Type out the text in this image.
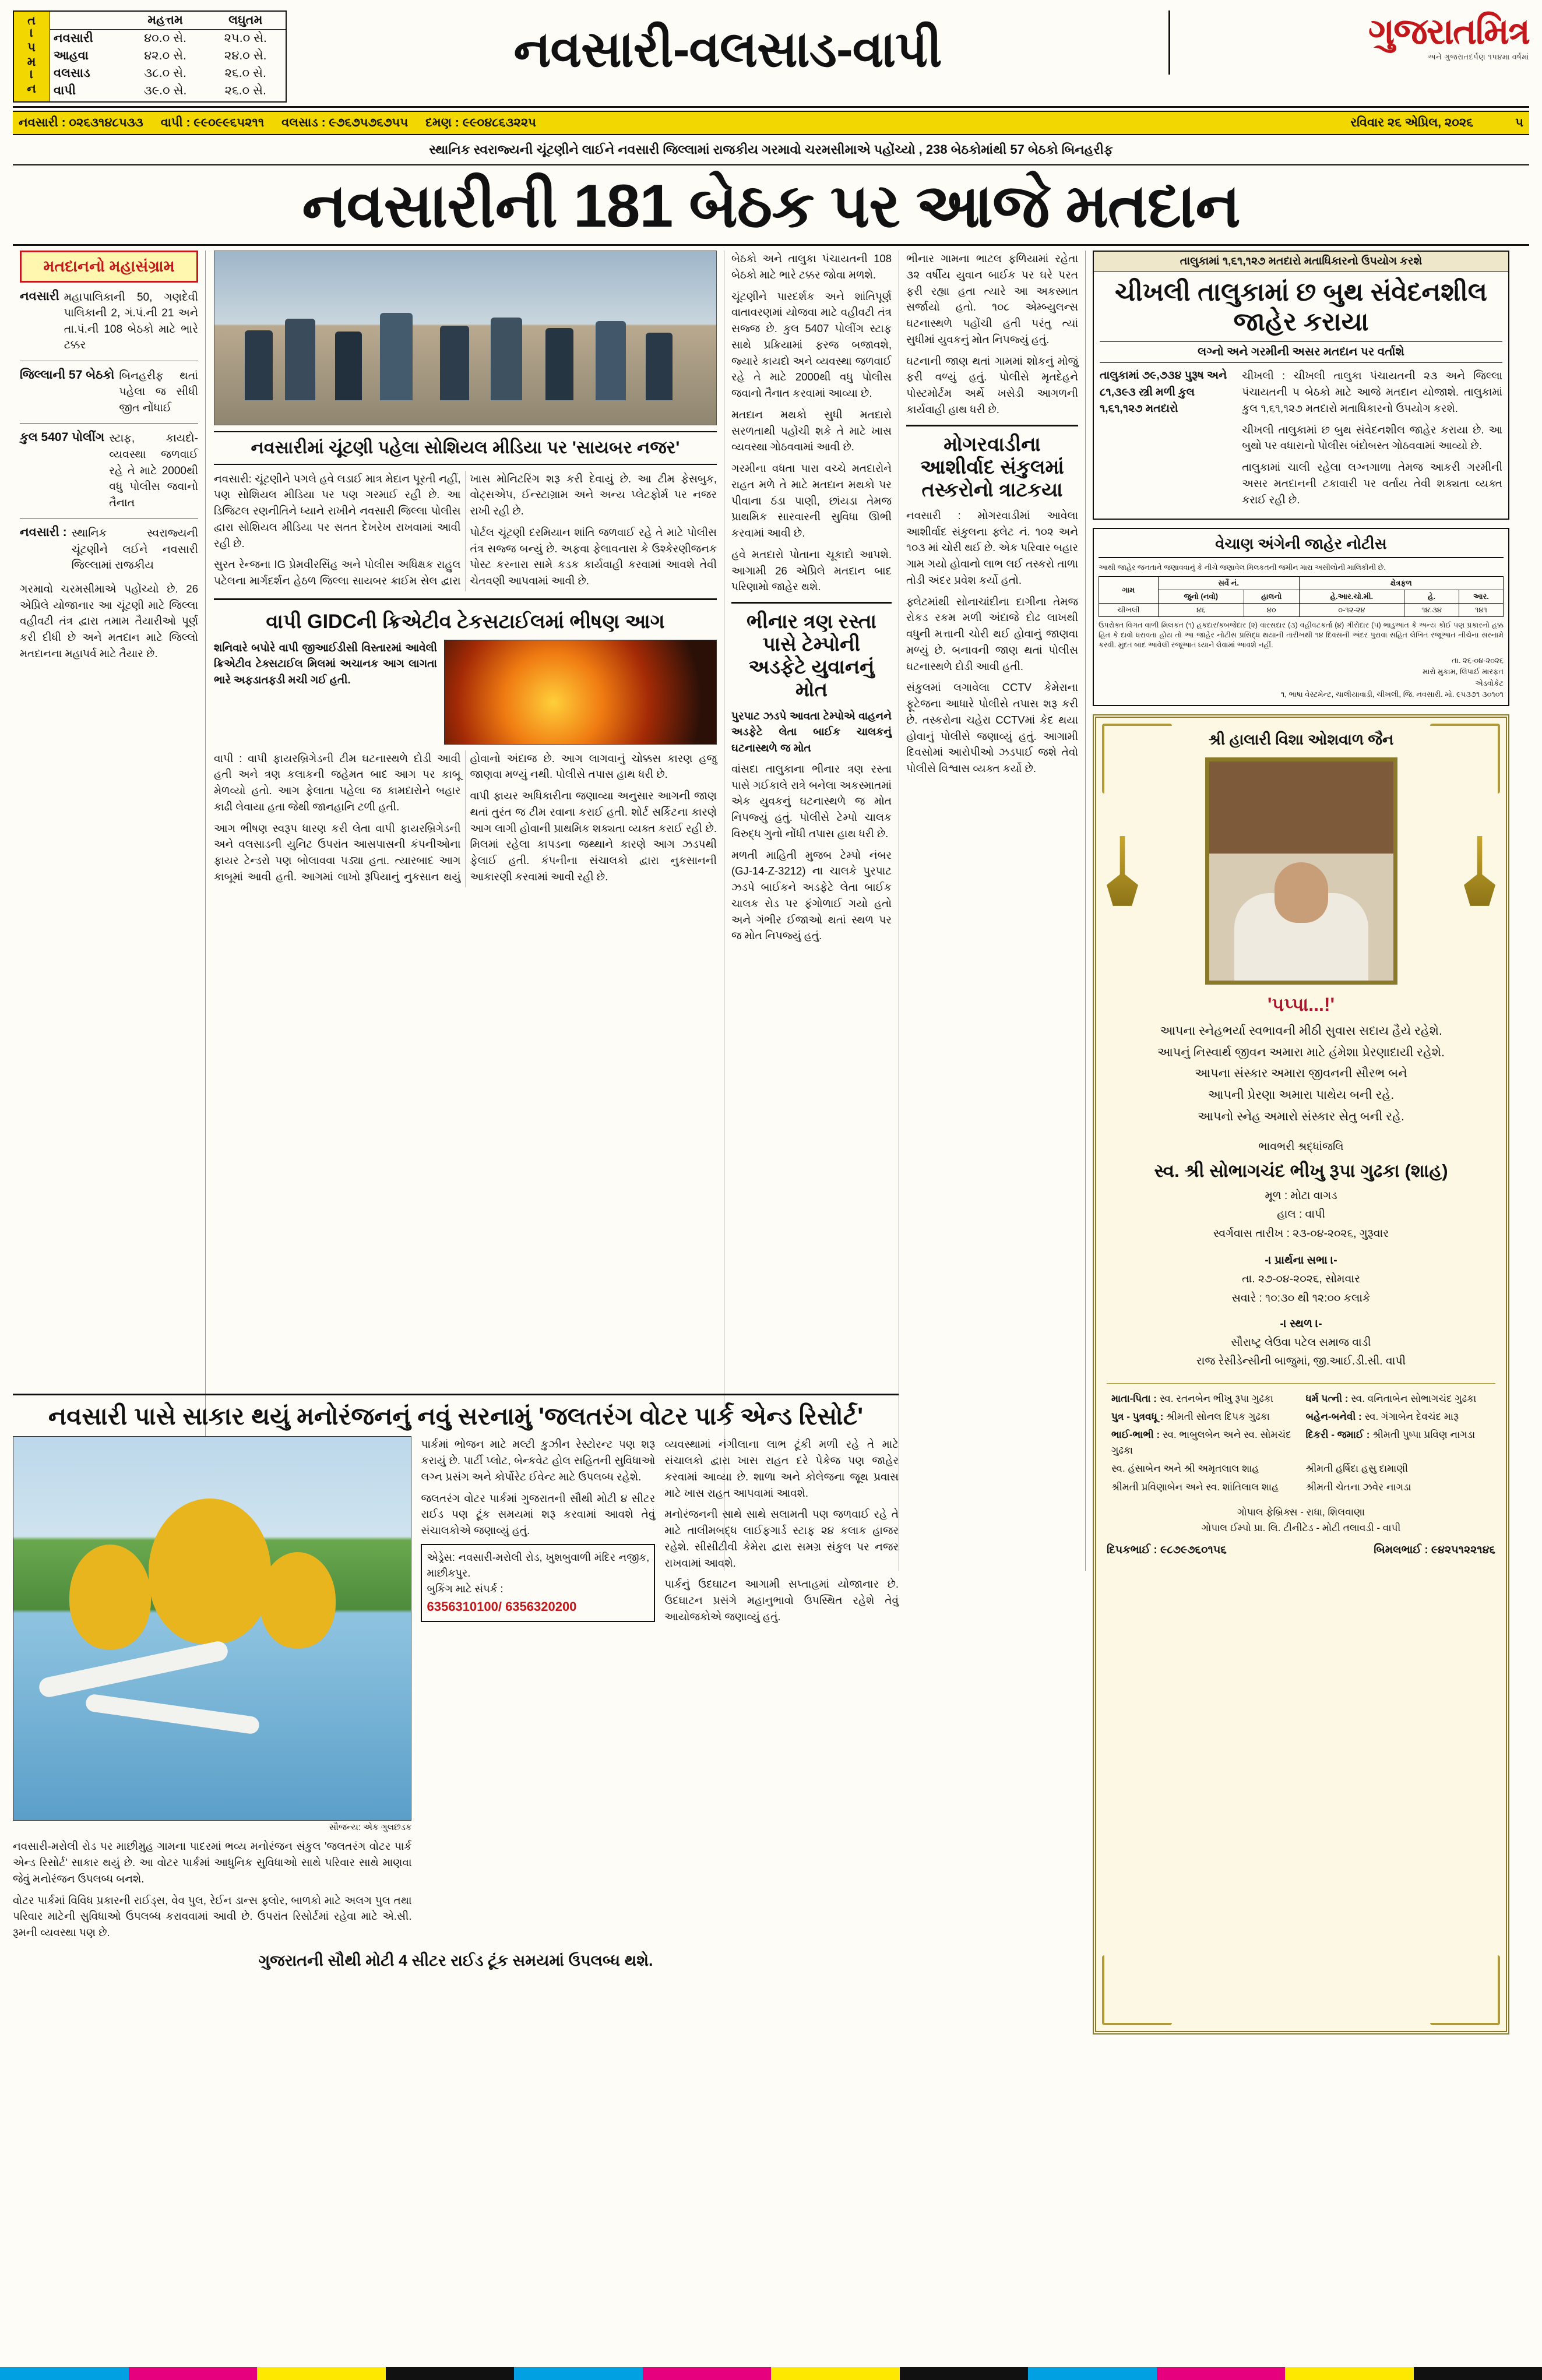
તાપમાન
		મહત્તમ	લઘુતમ
નવસારી	૪૦.૦ સે.	૨૫.૦ સે.
આહવા	૪૨.૦ સે.	૨૪.૦ સે.
વલસાડ	૩૮.૦ સે.	૨૬.૦ સે.
વાપી	૩૯.૦ સે.	૨૬.૦ સે.
નવસારી-વલસાડ-વાપી	ગુજરાતમિત્ર
અને ગુજરાતદર્પણ ૧૫૪મા વર્ષમાં
નવસારી : ૦૨૬૩૧૪૮૫૩૩ વાપી : ૯૯૦૯૯૬૫૨૧૧ વલસાડ : ૯૭૬૭૫૭૬૭૫૫ દમણ : ૯૯૦૪૮૬૩૨૨૫	રવિવાર ૨૬ એપ્રિલ, ૨૦૨૬	૫
સ્થાનિક સ્વરાજ્યની ચૂંટણીને લાઈને નવસારી જિલ્લામાં રાજકીય ગરમાવો ચરમસીમાએ પહોંચ્યો , 238 બેઠકોમાંથી 57 બેઠકો બિનહરીફ
નવસારીની 181 બેઠક પર આજે મતદાન
મતદાનનો મહાસંગ્રામ
નવસારી મહાપાલિકાની 50, ગણદેવી પાલિકાની 2, ગં.પં.ની 21 અને તા.પં.ની 108 બેઠકો માટે ભારે ટક્કર
જિલ્લાની 57 બેઠકો બિનહરીફ થતાં પહેલા જ સીધી જીત નોંધાઈ
કુલ 5407 પોલીંગ સ્ટાફ, કાયદો-વ્યવસ્થા જળવાઈ રહે તે માટે 2000થી વધુ પોલીસ જવાનો તૈનાત
નવસારી : સ્થાનિક સ્વરાજ્યની ચૂંટણીને લઈને નવસારી જિલ્લામાં રાજકીય

ગરમાવો ચરમસીમાએ પહોંચ્યો છે. 26 એપ્રિલે યોજાનાર આ ચૂંટણી માટે જિલ્લા વહીવટી તંત્ર દ્વારા તમામ તૈયારીઓ પૂર્ણ કરી દીધી છે અને મતદાન માટે જિલ્લો મતદાનના મહાપર્વ માટે તૈયાર છે.

નવસારીમાં ચૂંટણી પહેલા સોશિયલ મીડિયા પર 'સાયબર નજર'

નવસારી: ચૂંટણીને પગલે હવે લડાઈ માત્ર મેદાન પૂરતી નહીં, પણ સોશિયલ મીડિયા પર પણ ગરમાઈ રહી છે. આ ડિજિટલ રણનીતિને ધ્યાને રાખીને નવસારી જિલ્લા પોલીસ દ્વારા સોશિયલ મીડિયા પર સતત દેખરેખ રાખવામાં આવી રહી છે.

સુરત રેન્જના IG પ્રેમવીરસિંહ અને પોલીસ અધિક્ષક રાહુલ પટેલના માર્ગદર્શન હેઠળ જિલ્લા સાયબર ક્રાઈમ સેલ દ્વારા ખાસ મોનિટરિંગ શરૂ કરી દેવાયું છે. આ ટીમ ફેસબુક, વોટ્સએપ, ઈન્સ્ટાગ્રામ અને અન્ય પ્લેટફોર્મ પર નજર રાખી રહી છે.

પોર્ટલ ચૂંટણી દરમિયાન શાંતિ જળવાઈ રહે તે માટે પોલીસ તંત્ર સજ્જ બન્યું છે. અફવા ફેલાવનારા કે ઉશ્કેરણીજનક પોસ્ટ કરનારા સામે કડક કાર્યવાહી કરવામાં આવશે તેવી ચેતવણી આપવામાં આવી છે.

વાપી GIDCની ક્રિએટીવ ટેકસટાઈલમાં ભીષણ આગ
શનિવારે બપોરે વાપી જીઆઈડીસી વિસ્તારમાં આવેલી ક્રિએટીવ ટેક્સટાઈલ મિલમાં અચાનક આગ લાગતા ભારે અફડાતફડી મચી ગઈ હતી.

વાપી : વાપી ફાયરબ્રિગેડની ટીમ ઘટનાસ્થળે દોડી આવી હતી અને ત્રણ કલાકની જહેમત બાદ આગ પર કાબૂ મેળવ્યો હતો. આગ ફેલાતા પહેલા જ કામદારોને બહાર કાઢી લેવાયા હતા જેથી જાનહાનિ ટળી હતી.

આગ ભીષણ સ્વરૂપ ધારણ કરી લેતા વાપી ફાયરબ્રિગેડની અને વલસાડની યુનિટ ઉપરાંત આસપાસની કંપનીઓના ફાયર ટેન્ડરો પણ બોલાવવા પડ્યા હતા. ત્યારબાદ આગ કાબૂમાં આવી હતી. આગમાં લાખો રૂપિયાનું નુકસાન થયું હોવાનો અંદાજ છે. આગ લાગવાનું ચોક્કસ કારણ હજુ જાણવા મળ્યું નથી. પોલીસે તપાસ હાથ ધરી છે.

વાપી ફાયર અધિકારીના જણાવ્યા અનુસાર આગની જાણ થતાં તુરંત જ ટીમ રવાના કરાઈ હતી. શોર્ટ સર્કિટના કારણે આગ લાગી હોવાની પ્રાથમિક શક્યતા વ્યક્ત કરાઈ રહી છે. મિલમાં રહેલા કાપડના જથ્થાને કારણે આગ ઝડપથી ફેલાઈ હતી. કંપનીના સંચાલકો દ્વારા નુકસાનની આકારણી કરવામાં આવી રહી છે.

બેઠકો અને તાલુકા પંચાયતની 108 બેઠકો માટે ભારે ટક્કર જોવા મળશે.

ચૂંટણીને પારદર્શક અને શાંતિપૂર્ણ વાતાવરણમાં યોજવા માટે વહીવટી તંત્ર સજ્જ છે. કુલ 5407 પોલીંગ સ્ટાફ સાથે પ્રક્રિયામાં ફરજ બજાવશે, જ્યારે કાયદો અને વ્યવસ્થા જળવાઈ રહે તે માટે 2000થી વધુ પોલીસ જવાનો તૈનાત કરવામાં આવ્યા છે.

મતદાન મથકો સુધી મતદારો સરળતાથી પહોંચી શકે તે માટે ખાસ વ્યવસ્થા ગોઠવવામાં આવી છે.

ગરમીના વધતા પારા વચ્ચે મતદારોને રાહત મળે તે માટે મતદાન મથકો પર પીવાના ઠંડા પાણી, છાંયડા તેમજ પ્રાથમિક સારવારની સુવિધા ઊભી કરવામાં આવી છે.

હવે મતદારો પોતાના ચૂકાદો આપશે. આગામી 26 એપ્રિલે મતદાન બાદ પરિણામો જાહેર થશે.

ભીનાર ત્રણ રસ્તા પાસે ટેમ્પોની અડફેટે યુવાનનું મોત
પુરપાટ ઝડપે આવતા ટેમ્પોએ વાહનને અડફેટે લેતા બાઈક ચાલકનું ઘટનાસ્થળે જ મોત

વાંસદા તાલુકાના ભીનાર ત્રણ રસ્તા પાસે ગઈકાલે રાત્રે બનેલા અકસ્માતમાં એક યુવકનું ઘટનાસ્થળે જ મોત નિપજ્યું હતું. પોલીસે ટેમ્પો ચાલક વિરુદ્ધ ગુનો નોંધી તપાસ હાથ ધરી છે.

મળતી માહિતી મુજબ ટેમ્પો નંબર (GJ-14-Z-3212) ના ચાલકે પુરપાટ ઝડપે બાઈકને અડફેટે લેતા બાઈક ચાલક રોડ પર ફંગોળાઈ ગયો હતો અને ગંભીર ઈજાઓ થતાં સ્થળ પર જ મોત નિપજ્યું હતું.

ભીનાર ગામના ભાટલ ફળિયામાં રહેતા ૩૨ વર્ષીય યુવાન બાઈક પર ઘરે પરત ફરી રહ્યા હતા ત્યારે આ અકસ્માત સર્જાયો હતો. ૧૦૮ એમ્બ્યુલન્સ ઘટનાસ્થળે પહોંચી હતી પરંતુ ત્યાં સુધીમાં યુવકનું મોત નિપજ્યું હતું.

ઘટનાની જાણ થતાં ગામમાં શોકનું મોજું ફરી વળ્યું હતું. પોલીસે મૃતદેહને પોસ્ટમોર્ટમ અર્થે ખસેડી આગળની કાર્યવાહી હાથ ધરી છે.

મોગરવાડીના આશીર્વાદ સંકુલમાં તસ્કરોનો ત્રાટકયા

નવસારી : મોગરવાડીમાં આવેલા આશીર્વાદ સંકુલના ફ્લેટ નં. ૧૦૨ અને ૧૦૩ માં ચોરી થઈ છે. એક પરિવાર બહાર ગામ ગયો હોવાનો લાભ લઈ તસ્કરો તાળા તોડી અંદર પ્રવેશ કર્યો હતો.

ફ્લેટમાંથી સોનાચાંદીના દાગીના તેમજ રોકડ રકમ મળી અંદાજે દોઢ લાખથી વધુની મત્તાની ચોરી થઈ હોવાનું જાણવા મળ્યું છે. બનાવની જાણ થતાં પોલીસ ઘટનાસ્થળે દોડી આવી હતી.

સંકુલમાં લગાવેલા CCTV કેમેરાના ફૂટેજના આધારે પોલીસે તપાસ શરૂ કરી છે. તસ્કરોના ચહેરા CCTVમાં કેદ થયા હોવાનું પોલીસે જણાવ્યું હતું. આગામી દિવસોમાં આરોપીઓ ઝડપાઈ જશે તેવો પોલીસે વિશ્વાસ વ્યક્ત કર્યો છે.

તાલુકામાં ૧,૬૧,૧૨૭ મતદારો મતાધિકારનો ઉપયોગ કરશે
ચીખલી તાલુકામાં છ બુથ સંવેદનશીલ જાહેર કરાયા
લગ્નો અને ગરમીની અસર મતદાન પર વર્તાશે
તાલુકામાં ૭૯,૭૩૪ પુરૂષ અને ૮૧,૩૯૩ સ્ત્રી મળી કુલ ૧,૬૧,૧૨૭ મતદારો

ચીખલી : ચીખલી તાલુકા પંચાયતની ૨૩ અને જિલ્લા પંચાયતની ૫ બેઠકો માટે આજે મતદાન યોજાશે. તાલુકામાં કુલ ૧,૬૧,૧૨૭ મતદારો મતાધિકારનો ઉપયોગ કરશે.

ચીખલી તાલુકામાં છ બુથ સંવેદનશીલ જાહેર કરાયા છે. આ બુથો પર વધારાનો પોલીસ બંદોબસ્ત ગોઠવવામાં આવ્યો છે.

તાલુકામાં ચાલી રહેલા લગ્નગાળા તેમજ આકરી ગરમીની અસર મતદાનની ટકાવારી પર વર્તાય તેવી શક્યતા વ્યક્ત કરાઈ રહી છે.

વેચાણ અંગેની જાહેર નોટીસ
આથી જાહેર જનતાને જણાવવાનું કે નીચે જણાવેલ મિલકતની જમીન મારા અસીલોની માલિકીની છે.
ગામ	સર્વે નં.		ક્ષેત્રફળ		
	જુનો (નવો)	હાલનો	હે.આર.ચો.મી.	હે.	આર.
ચીખલી	૪૬	૪૦	૦-૧૨-૨૪	૧૪.૩૪	૧૪૧
ઉપરોક્ત વિગત વાળી મિલકત (૧) હકદાર/કબજેદાર (૨) વારસદાર (૩) વહીવટકર્તા (૪) ગીરોદાર (૫) ભાડુઆત કે અન્ય કોઈ પણ પ્રકારનો હક્ક હિત કે દાવો ધરાવતા હોય તો આ જાહેર નોટીસ પ્રસિદ્ધ થયાની તારીખથી ૧૪ દિવસની અંદર પુરાવા સહિત લેખિત રજૂઆત નીચેના સરનામે કરવી. મુદત બાદ આવેલી રજૂઆત ધ્યાને લેવામાં આવશે નહીં.
તા. ૨૬-૦૪-૨૦૨૬
મારો મુકામ, લિપાઈ મારફત
એડવોકેટ
૧, ભાષા વેસ્ટમેન્ટ, ચાલીયાવાડી, ચીખલી, જિ. નવસારી. મો. ૯૫૩૭૧ ૩૦૧૦૧
શ્રી હાલારી વિશા ઓશવાળ જૈન
'પપ્પા...!'
આપના સ્નેહભર્યા સ્વભાવની મીઠી સુવાસ સદાય હૈયે રહેશે.
આપનું નિસ્વાર્થ જીવન અમારા માટે હંમેશા પ્રેરણાદાયી રહેશે.
આપના સંસ્કાર અમારા જીવનની સૌરભ બને
આપની પ્રેરણા અમારા પાથેય બની રહે.
આપનો સ્નેહ અમારો સંસ્કાર સેતુ બની રહે.
ભાવભરી શ્રદ્ધાંજલિ
સ્વ. શ્રી સોભાગચંદ ભીખુ રૂપા ગુઢકા (શાહ)
મૂળ : મોટા વાગડ
હાલ : વાપી
સ્વર્ગવાસ તારીખ : ૨૩-૦૪-૨૦૨૬, ગુરૂવાર
-। પ્રાર્થના સભા ।-
તા. ૨૭-૦૪-૨૦૨૬, સોમવાર
સવારે : ૧૦:૩૦ થી ૧૨:૦૦ કલાકે
-। સ્થળ ।-
સૌરાષ્ટ્ર લેઉવા પટેલ સમાજ વાડી
રાજ રેસીડેન્સીની બાજુમાં, જી.આઈ.ડી.સી. વાપી
માતા-પિતા : સ્વ. રતનબેન ભીખુ રૂપા ગુઢકા	ધર્મ પત્ની : સ્વ. વનિતાબેન સોભાગચંદ ગુઢકા
પુત્ર - પુત્રવધૂ : શ્રીમતી સોનલ દિપક ગુઢકા	બહેન-બનેવી : સ્વ. ગંગાબેન દેવચંદ મારૂ
ભાઈ-ભાભી : સ્વ. ભાબુલબેન અને સ્વ. સોમચંદ ગુઢકા
દિકરી - જમાઈ : શ્રીમતી પુષ્પા પ્રવિણ નાગડા
સ્વ. હંસાબેન અને શ્રી અમૃતલાલ શાહ	શ્રીમતી હર્ષિદા હસુ દામાણી
શ્રીમતી પ્રવિણાબેન અને સ્વ. શાંતિલાલ શાહ	શ્રીમતી ચેતના ઝવેર નાગડા
ગોપાલ ફેબ્રિક્સ - રાધા, શિલવાણા
ગોપાલ ઈમ્પો પ્રા. લિ. ટીનીટેડ - મોટી તલાવડી - વાપી
દિપકભાઈ : ૯૮૭૯૭૬૦૧૫૬	બિમલભાઈ : ૯૪૨૫૧૨૨૧૪૬
નવસારી પાસે સાકાર થયું મનોરંજનનું નવું સરનામું 'જલતરંગ વોટર પાર્ક એન્ડ રિસોર્ટ'
સૌજન્ય: એક ગુલછડક

નવસારી-મરોલી રોડ પર માછીમુહ ગામના પાદરમાં ભવ્ય મનોરંજન સંકુલ 'જલતરંગ વોટર પાર્ક એન્ડ રિસોર્ટ' સાકાર થયું છે. આ વોટર પાર્કમાં આધુનિક સુવિધાઓ સાથે પરિવાર સાથે માણવા જેવું મનોરંજન ઉપલબ્ધ બનશે.

વોટર પાર્કમાં વિવિધ પ્રકારની રાઈડ્સ, વેવ પુલ, રેઈન ડાન્સ ફ્લોર, બાળકો માટે અલગ પુલ તથા પરિવાર માટેની સુવિધાઓ ઉપલબ્ધ કરાવવામાં આવી છે. ઉપરાંત રિસોર્ટમાં રહેવા માટે એ.સી. રૂમની વ્યવસ્થા પણ છે.

પાર્કમાં ભોજન માટે મલ્ટી કુઝીન રેસ્ટોરન્ટ પણ શરૂ કરાયું છે. પાર્ટી પ્લોટ, બેન્કવેટ હોલ સહિતની સુવિધાઓ લગ્ન પ્રસંગ અને કોર્પોરેટ ઈવેન્ટ માટે ઉપલબ્ધ રહેશે.

જલતરંગ વોટર પાર્કમાં ગુજરાતની સૌથી મોટી ૪ સીટર રાઈડ પણ ટૂંક સમયમાં શરૂ કરવામાં આવશે તેવું સંચાલકોએ જણાવ્યું હતું.

એડ્રેસ: નવસારી-મરોલી રોડ, ખુશબુવાળી મંદિર નજીક, માછીકપુર.
બુકિંગ માટે સંપર્ક :
6356310100/ 6356320200

વ્યવસ્થામાં નંગીલાના લાભ ટૂંકી મળી રહે તે માટે સંચાલકો દ્વારા ખાસ રાહત દરે પેકેજ પણ જાહેર કરવામાં આવ્યા છે. શાળા અને કોલેજના જૂથ પ્રવાસ માટે ખાસ રાહત આપવામાં આવશે.

મનોરંજનની સાથે સાથે સલામતી પણ જળવાઈ રહે તે માટે તાલીમબદ્ધ લાઈફગાર્ડ સ્ટાફ ૨૪ કલાક હાજર રહેશે. સીસીટીવી કેમેરા દ્વારા સમગ્ર સંકુલ પર નજર રાખવામાં આવશે.

પાર્કનું ઉદઘાટન આગામી સપ્તાહમાં યોજાનાર છે. ઉદઘાટન પ્રસંગે મહાનુભાવો ઉપસ્થિત રહેશે તેવું આયોજકોએ જણાવ્યું હતું.

ગુજરાતની સૌથી મોટી 4 સીટર રાઈડ ટૂંક સમયમાં ઉપલબ્ધ થશે.
